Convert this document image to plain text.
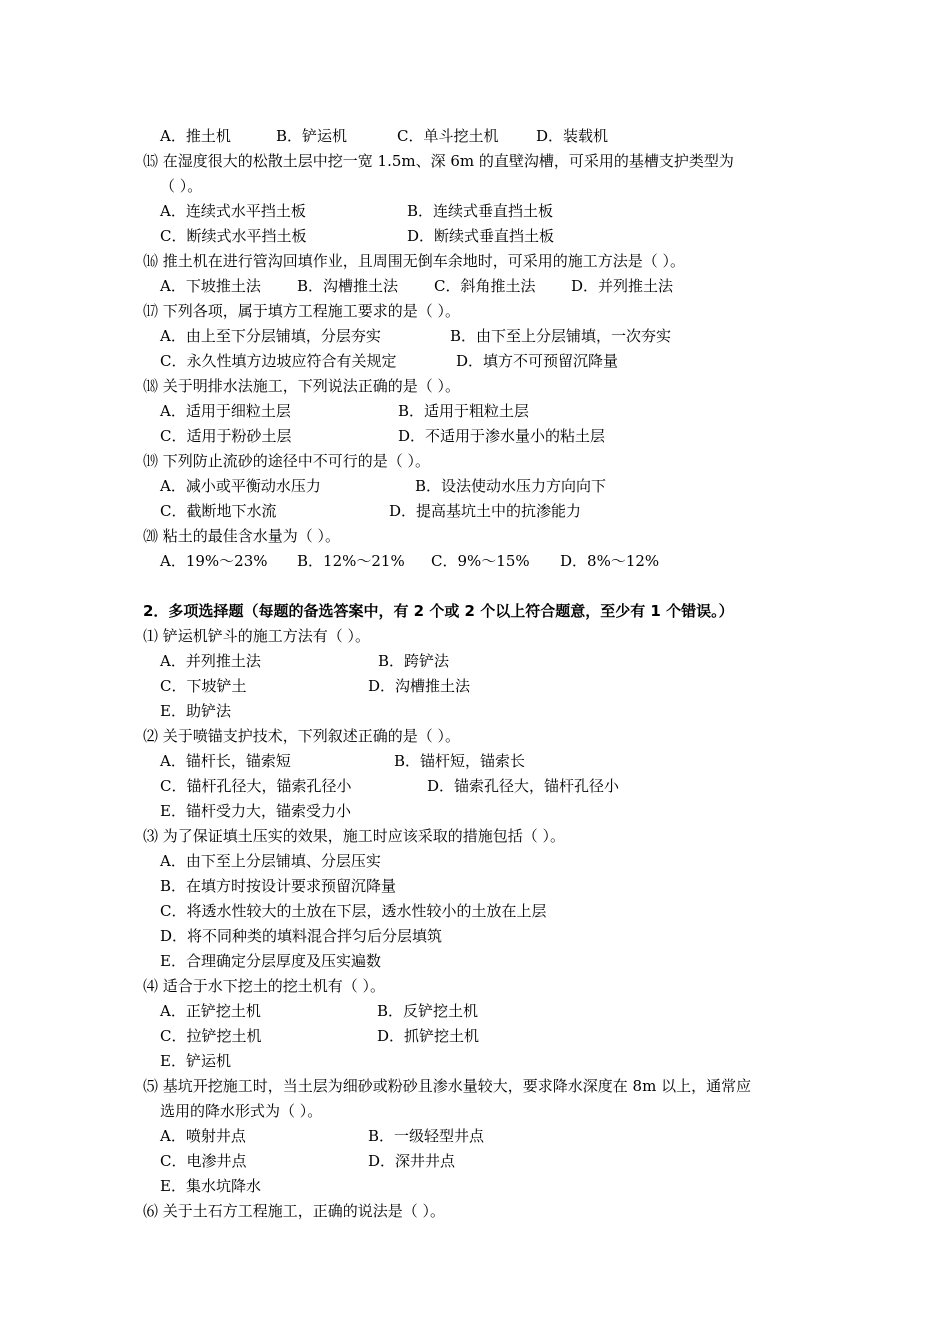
A．推土机	B．铲运机	C．单斗挖土机	D．装载机
⒂ 在湿度很大的松散土层中挖一宽 1.5m、深 6m 的直壁沟槽，可采用的基槽支护类型为
（ ）。
A．连续式水平挡土板	B．连续式垂直挡土板
C．断续式水平挡土板	D．断续式垂直挡土板
⒃ 推土机在进行管沟回填作业，且周围无倒车余地时，可采用的施工方法是（ ）。
A．下坡推土法 B．沟槽推土法 C．斜角推土法 D．并列推土法
⒄ 下列各项，属于填方工程施工要求的是（ ）。
A．由上至下分层铺填，分层夯实	B．由下至上分层铺填，一次夯实
C．永久性填方边坡应符合有关规定	D．填方不可预留沉降量
⒅ 关于明排水法施工，下列说法正确的是（ ）。
A．适用于细粒土层	B．适用于粗粒土层
C．适用于粉砂土层	D．不适用于渗水量小的粘土层
⒆ 下列防止流砂的途径中不可行的是（ ）。
A．减小或平衡动水压力	B．设法使动水压力方向向下
C．截断地下水流	D．提高基坑土中的抗渗能力
⒇ 粘土的最佳含水量为（ ）。
A．19%～23% B．12%～21% C．9%～15% D．8%～12%
2．多项选择题（每题的备选答案中，有 2 个或 2 个以上符合题意，至少有 1 个错误。）
⑴ 铲运机铲斗的施工方法有（ ）。
A．并列推土法	B．跨铲法
C．下坡铲土	D．沟槽推土法
E．助铲法
⑵ 关于喷锚支护技术，下列叙述正确的是（ ）。
A．锚杆长，锚索短	B．锚杆短，锚索长
C．锚杆孔径大，锚索孔径小	D．锚索孔径大，锚杆孔径小
E．锚杆受力大，锚索受力小
⑶ 为了保证填土压实的效果，施工时应该采取的措施包括（ ）。
A．由下至上分层铺填、分层压实
B．在填方时按设计要求预留沉降量
C．将透水性较大的土放在下层，透水性较小的土放在上层
D．将不同种类的填料混合拌匀后分层填筑
E．合理确定分层厚度及压实遍数
⑷ 适合于水下挖土的挖土机有（ ）。
A．正铲挖土机	B．反铲挖土机
C．拉铲挖土机	D．抓铲挖土机
E．铲运机
⑸ 基坑开挖施工时，当土层为细砂或粉砂且渗水量较大，要求降水深度在 8m 以上，通常应
选用的降水形式为（ ）。
A．喷射井点	B．一级轻型井点
C．电渗井点	D．深井井点
E．集水坑降水
⑹ 关于土石方工程施工，正确的说法是（ ）。
